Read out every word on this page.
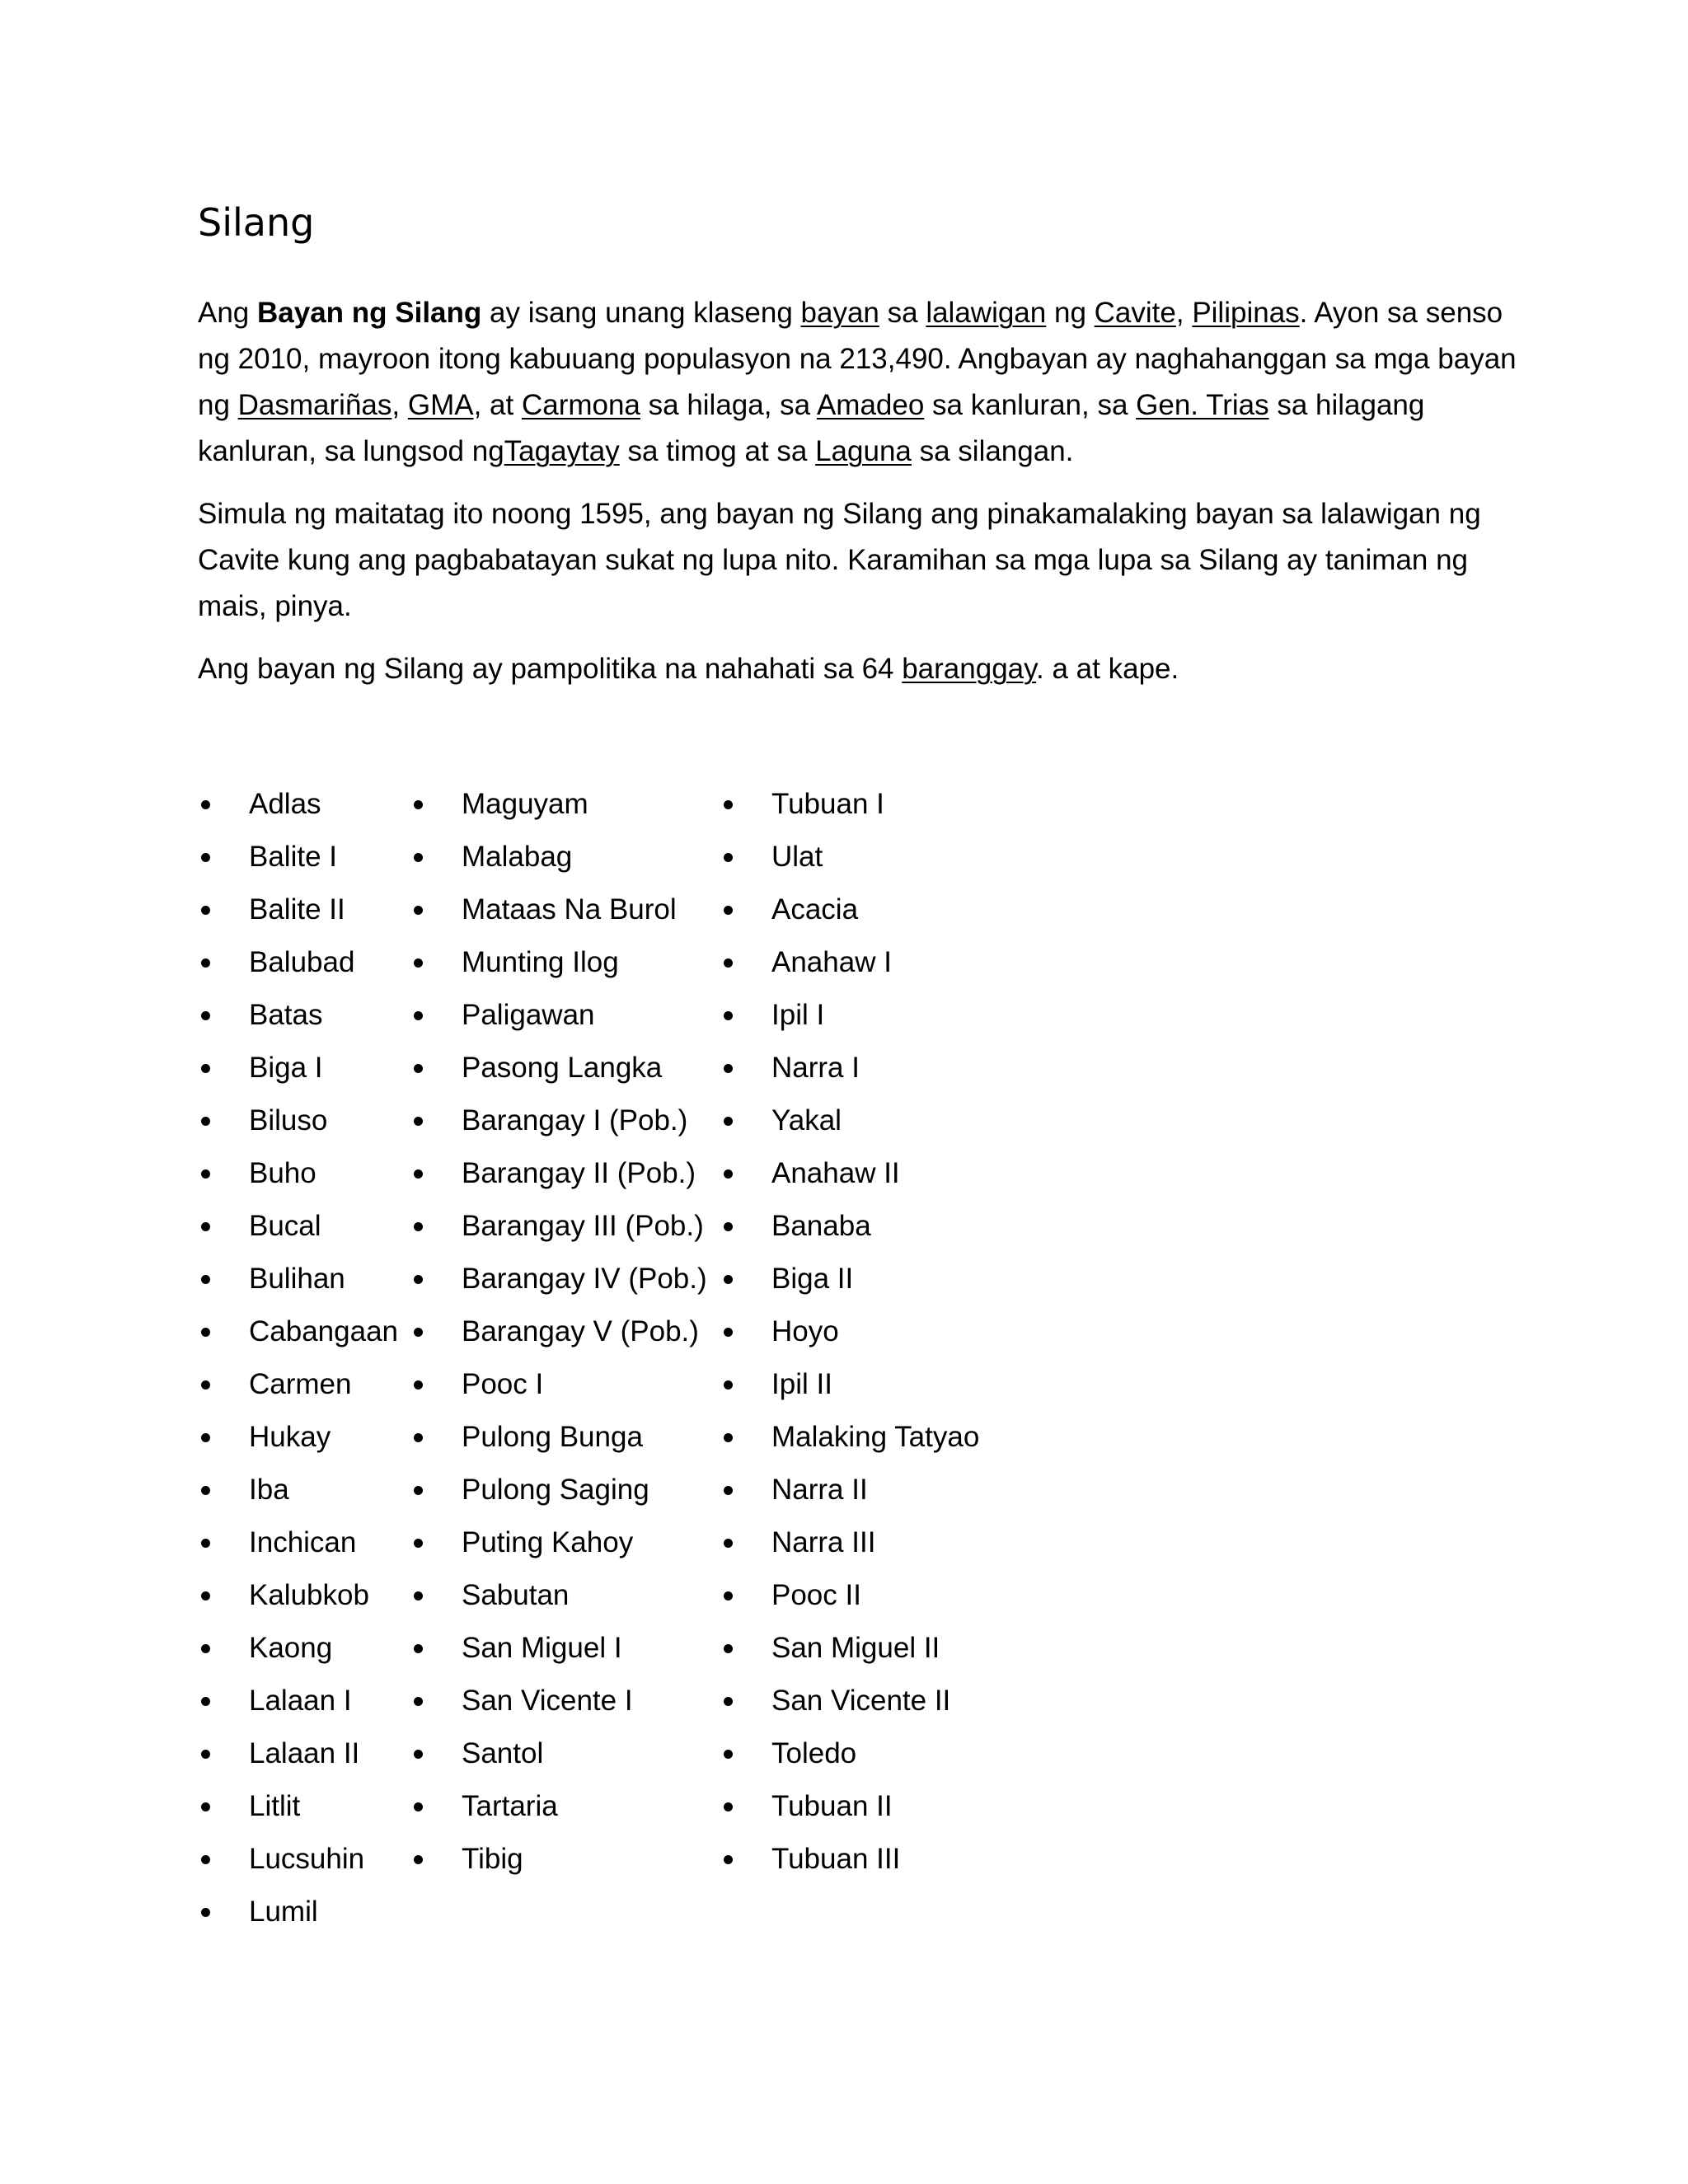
Silang

Ang Bayan ng Silang ay isang unang klaseng bayan sa lalawigan ng Cavite, Pilipinas. Ayon sa senso ng 2010, mayroon itong kabuuang populasyon na 213,490. Angbayan ay naghahanggan sa mga bayan ng Dasmariñas, GMA, at Carmona sa hilaga, sa Amadeo sa kanluran, sa Gen. Trias sa hilagang kanluran, sa lungsod ngTagaytay sa timog at sa Laguna sa silangan.

Simula ng maitatag ito noong 1595, ang bayan ng Silang ang pinakamalaking bayan sa lalawigan ng Cavite kung ang pagbabatayan sukat ng lupa nito. Karamihan sa mga lupa sa Silang ay taniman ng mais, pinya.

Ang bayan ng Silang ay pampolitika na nahahati sa 64 baranggay. a at kape.

Adlas
Balite I
Balite II
Balubad
Batas
Biga I
Biluso
Buho
Bucal
Bulihan
Cabangaan
Carmen
Hukay
Iba
Inchican
Kalubkob
Kaong
Lalaan I
Lalaan II
Litlit
Lucsuhin
Lumil
Maguyam
Malabag
Mataas Na Burol
Munting Ilog
Paligawan
Pasong Langka
Barangay I (Pob.)
Barangay II (Pob.)
Barangay III (Pob.)
Barangay IV (Pob.)
Barangay V (Pob.)
Pooc I
Pulong Bunga
Pulong Saging
Puting Kahoy
Sabutan
San Miguel I
San Vicente I
Santol
Tartaria
Tibig
Tubuan I
Ulat
Acacia
Anahaw I
Ipil I
Narra I
Yakal
Anahaw II
Banaba
Biga II
Hoyo
Ipil II
Malaking Tatyao
Narra II
Narra III
Pooc II
San Miguel II
San Vicente II
Toledo
Tubuan II
Tubuan III
